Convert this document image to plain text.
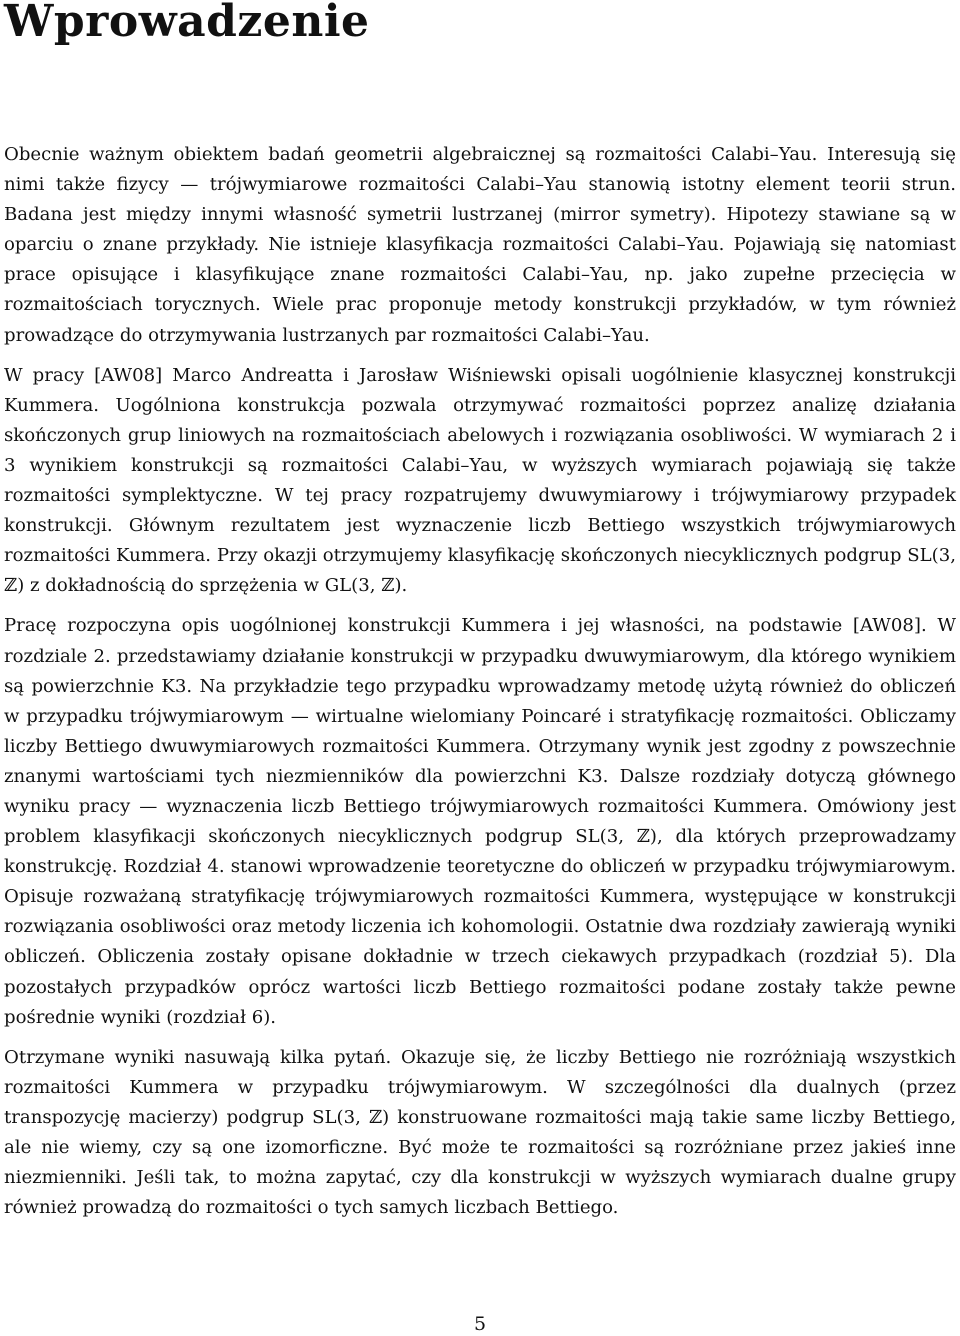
Wprowadzenie

Obecnie ważnym obiektem badań geometrii algebraicznej są rozmaitości Calabi–Yau. Interesują się nimi także fizycy — trójwymiarowe rozmaitości Calabi–Yau stanowią istotny element teorii strun. Badana jest między innymi własność symetrii lustrzanej (mirror symetry). Hipotezy stawiane są w oparciu o znane przykłady. Nie istnieje klasyfikacja rozmaitości Calabi–Yau. Pojawiają się natomiast prace opisujące i klasyfikujące znane rozmaitości Calabi–Yau, np. jako zupełne przecięcia w rozmaitościach torycznych. Wiele prac proponuje metody konstrukcji przykładów, w tym również prowadzące do otrzymywania lustrzanych par rozmaitości Calabi–Yau.

W pracy [AW08] Marco Andreatta i Jarosław Wiśniewski opisali uogólnienie klasycznej konstrukcji Kummera. Uogólniona konstrukcja pozwala otrzymywać rozmaitości poprzez analizę działania skończonych grup liniowych na rozmaitościach abelowych i rozwiązania osobliwości. W wymiarach 2 i 3 wynikiem konstrukcji są rozmaitości Calabi–Yau, w wyższych wymiarach pojawiają się także rozmaitości symplektyczne. W tej pracy rozpatrujemy dwuwymiarowy i trójwymiarowy przypadek konstrukcji. Głównym rezultatem jest wyznaczenie liczb Bettiego wszystkich trójwymiarowych rozmaitości Kummera. Przy okazji otrzymujemy klasyfikację skończonych niecyklicznych podgrup SL(3, ℤ) z dokładnością do sprzężenia w GL(3, ℤ).

Pracę rozpoczyna opis uogólnionej konstrukcji Kummera i jej własności, na podstawie [AW08]. W rozdziale 2. przedstawiamy działanie konstrukcji w przypadku dwuwymiarowym, dla którego wynikiem są powierzchnie K3. Na przykładzie tego przypadku wprowadzamy metodę użytą również do obliczeń w przypadku trójwymiarowym — wirtualne wielomiany Poincaré i stratyfikację rozmaitości. Obliczamy liczby Bettiego dwuwymiarowych rozmaitości Kummera. Otrzymany wynik jest zgodny z powszechnie znanymi wartościami tych niezmienników dla powierzchni K3. Dalsze rozdziały dotyczą głównego wyniku pracy — wyznaczenia liczb Bettiego trójwymiarowych rozmaitości Kummera. Omówiony jest problem klasyfikacji skończonych niecyklicznych podgrup SL(3, ℤ), dla których przeprowadzamy konstrukcję. Rozdział 4. stanowi wprowadzenie teoretyczne do obliczeń w przypadku trójwymiarowym. Opisuje rozważaną stratyfikację trójwymiarowych rozmaitości Kummera, występujące w konstrukcji rozwiązania osobliwości oraz metody liczenia ich kohomologii. Ostatnie dwa rozdziały zawierają wyniki obliczeń. Obliczenia zostały opisane dokładnie w trzech ciekawych przypadkach (rozdział 5). Dla pozostałych przypadków oprócz wartości liczb Bettiego rozmaitości podane zostały także pewne pośrednie wyniki (rozdział 6).

Otrzymane wyniki nasuwają kilka pytań. Okazuje się, że liczby Bettiego nie rozróżniają wszystkich rozmaitości Kummera w przypadku trójwymiarowym. W szczególności dla dualnych (przez transpozycję macierzy) podgrup SL(3, ℤ) konstruowane rozmaitości mają takie same liczby Bettiego, ale nie wiemy, czy są one izomorficzne. Być może te rozmaitości są rozróżniane przez jakieś inne niezmienniki. Jeśli tak, to można zapytać, czy dla konstrukcji w wyższych wymiarach dualne grupy również prowadzą do rozmaitości o tych samych liczbach Bettiego.

5
